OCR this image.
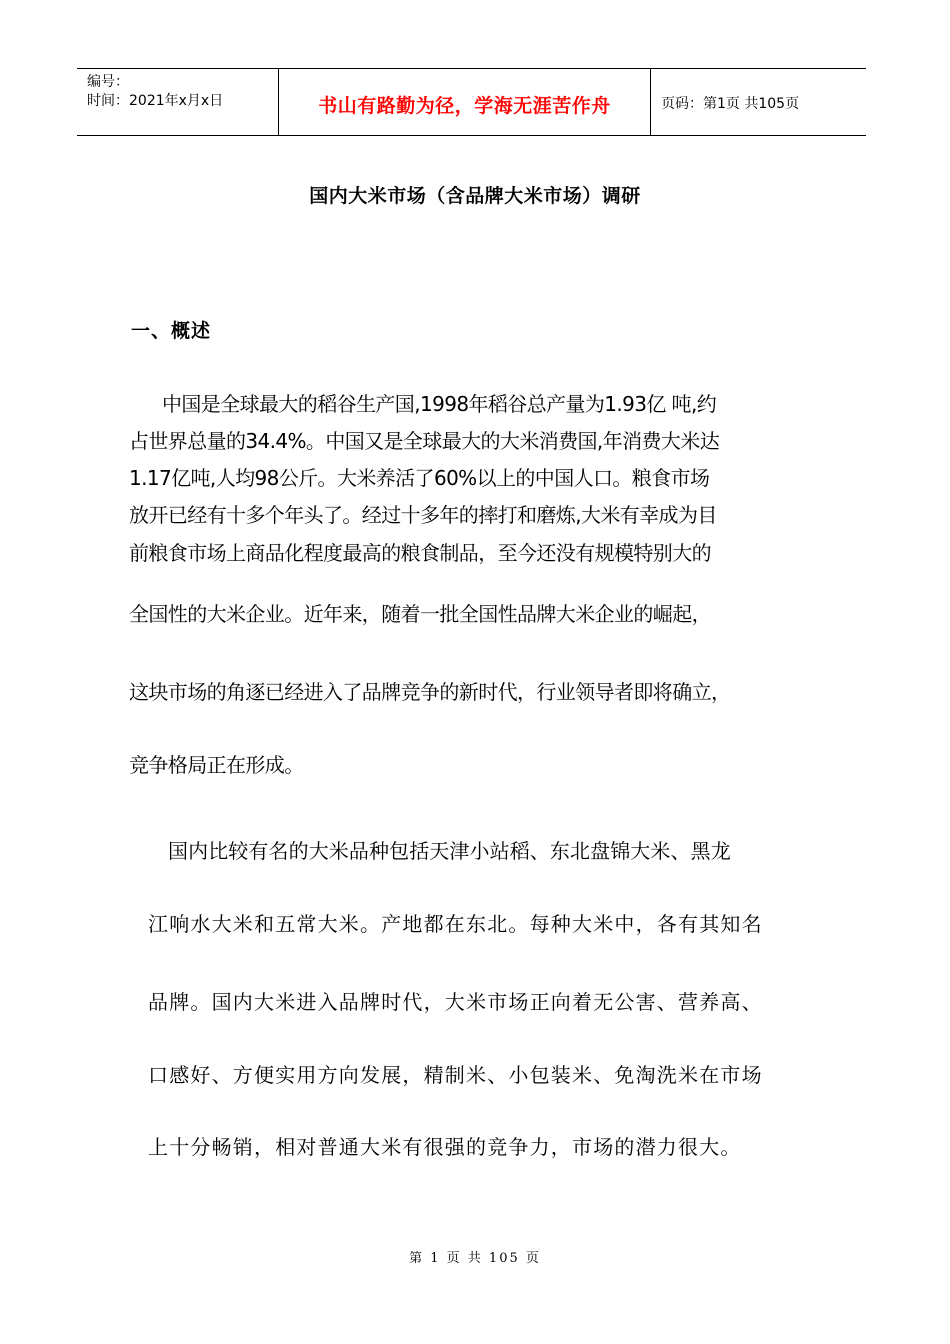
编号：
时间：2021年x月x日	书山有路勤为径，学海无涯苦作舟	页码：第1页 共105页
国内大米市场（含品牌大米市场）调研
一、概述
中国是全球最大的稻谷生产国,1998年稻谷总产量为1.93亿 吨,约
占世界总量的34.4%。中国又是全球最大的大米消费国,年消费大米达
1.17亿吨,人均98公斤。大米养活了60%以上的中国人口。粮食市场
放开已经有十多个年头了。经过十多年的摔打和磨炼,大米有幸成为目
前粮食市场上商品化程度最高的粮食制品，至今还没有规模特别大的
全国性的大米企业。近年来，随着一批全国性品牌大米企业的崛起，
这块市场的角逐已经进入了品牌竞争的新时代，行业领导者即将确立，
竞争格局正在形成。
国内比较有名的大米品种包括天津小站稻、东北盘锦大米、黑龙
江响水大米和五常大米。产地都在东北。每种大米中，各有其知名
品牌。国内大米进入品牌时代，大米市场正向着无公害、营养高、
口感好、方便实用方向发展，精制米、小包装米、免淘洗米在市场
上十分畅销，相对普通大米有很强的竞争力，市场的潜力很大。
第 1 页 共 105 页
